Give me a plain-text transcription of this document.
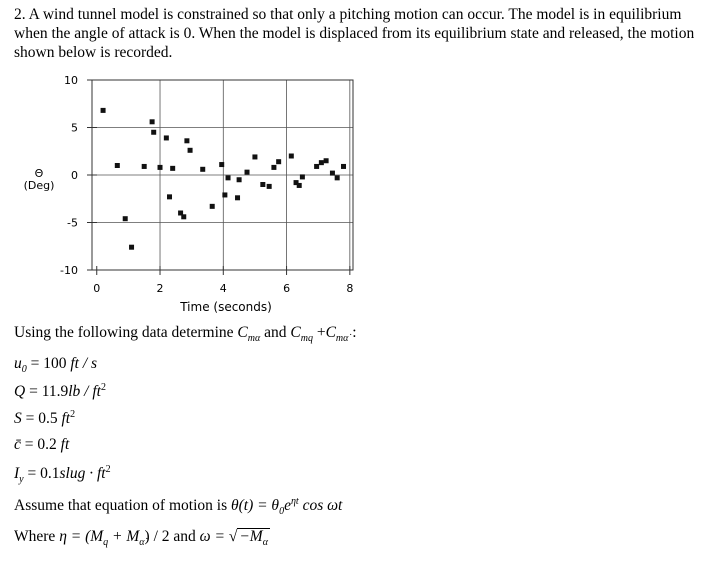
2. A wind tunnel model is constrained so that only a pitching motion can occur. The model is in equilibrium when the angle of attack is 0. When the model is displaced from its equilibrium state and released, the motion shown below is recorded.
10
5
0
-5
-10
0	2	4	6	8
Θ
(Deg)
Time (seconds)
Using the following data determine $C_{m\alpha}$ and $C_{mq} +C_{m\alphȧ}$ :
$u_0 = 100$ ft / s
$Q = 11.9lb / ft^2$
S = 0.5 $ft^2$
c̄ = 0.2 ft
$I_y$ = 0.1slug · $ft^2$
Assume that equation of motion is $\theta(t) = \theta_0e^{\eta t}$ cos ωt
Where $\eta = (M_q + M_{\alphȧ}) / 2$ and ω = √ $-M_\alpha$
